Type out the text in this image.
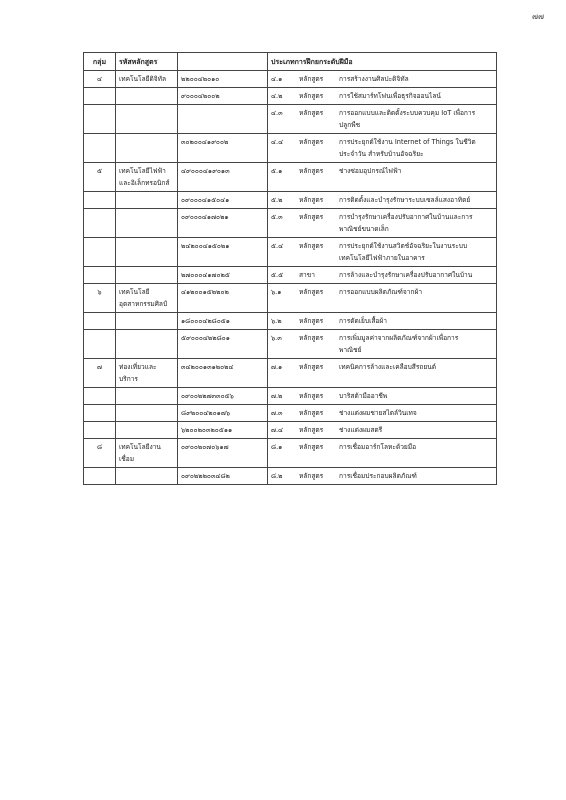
๗๗
กลุ่ม	รหัสหลักสูตร		ประเภทการฝึกยกระดับฝีมือ
๔	เทคโนโลยีดิจิทัล	๒๒๐๐๔๒๐๑๐	๔.๑ หลักสูตร การสร้างงานศิลปะดิจิทัล
		๙๐๐๐๔๒๐๐๒	๔.๒ หลักสูตร การใช้สมาร์ทโฟนเพื่อธุรกิจออนไลน์
			๔.๓ หลักสูตร การออกแบบและติดตั้งระบบควบคุม IoT เพื่อการปลูกพืช
		๓๐๒๐๐๔๑๙๐๐๒	๔.๔ หลักสูตร การประยุกต์ใช้งาน Internet of Things ในชีวิตประจำวัน สำหรับบ้านอัจฉริยะ
๕	เทคโนโลยีไฟฟ้าและอิเล็กทรอนิกส์	๔๙๐๐๐๔๑๙๐๑๓	๕.๑ หลักสูตร ช่างซ่อมอุปกรณ์ไฟฟ้า
		๐๙๐๐๐๔๑๕๐๔๑	๕.๒ หลักสูตร การติดตั้งและบำรุงรักษาระบบเซลล์แสงอาทิตย์
		๐๙๐๐๐๔๑๗๐๒๑	๕.๓ หลักสูตร การบำรุงรักษาเครื่องปรับอากาศในบ้านและการพาณิชย์ขนาดเล็ก
		๒๔๒๐๐๔๑๕๐๒๑	๕.๔ หลักสูตร การประยุกต์ใช้งานสวิตช์อัจฉริยะในงานระบบเทคโนโลยีไฟฟ้าภายในอาคาร
		๒๗๐๐๐๔๑๗๐๒๕	๕.๕ สาขา การล้างและบำรุงรักษาเครื่องปรับอากาศในบ้าน
๖	เทคโนโลยีอุตสาหกรรมศิลป์	๔๑๒๐๐๑๕๒๒๐๒	๖.๑ หลักสูตร การออกแบบผลิตภัณฑ์จากผ้า
		๑๘๐๐๐๔๒๘๐๕๑	๖.๒ หลักสูตร การตัดเย็บเสื้อผ้า
		๕๙๐๐๐๔๒๒๘๐๑	๖.๓ หลักสูตร การเพิ่มมูลค่าจากผลิตภัณฑ์จากผ้าเพื่อการพาณิชย์
๗	ท่องเที่ยวและบริการ	๓๔๒๐๐๑๓๑๒๐๒๔	๗.๑ หลักสูตร เทคนิคการล้างและเคลือบสีรถยนต์
		๐๙๐๐๒๒๗๓๓๐๕๖	๗.๒ หลักสูตร บาริสต้ามืออาชีพ
		๘๙๒๐๐๔๒๐๑๗๖	๗.๓ หลักสูตร ช่างแต่งผมชายสไตล์วินเทจ
		๖๒๐๐๒๐๓๒๐๕๑๑	๗.๔ หลักสูตร ช่างแต่งผมสตรี
๘	เทคโนโลยีงานเชื่อม	๐๙๐๐๒๐๗๐๖๑๗	๘.๑ หลักสูตร การเชื่อมอาร์กโลหะด้วยมือ
		๐๙๐๒๒๒๐๓๔๘๒	๘.๒ หลักสูตร การเชื่อมประกอบผลิตภัณฑ์
